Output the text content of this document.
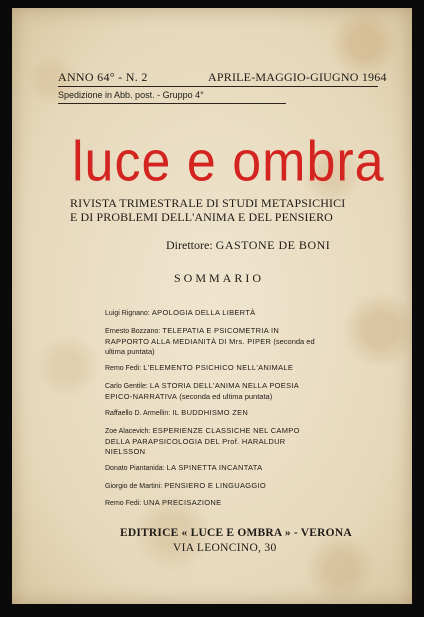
ANNO 64° - N. 2	APRILE-MAGGIO-GIUGNO 1964
Spedizione in Abb. post. - Gruppo 4°
luce e ombra
RIVISTA TRIMESTRALE DI STUDI METAPSICHICI
E DI PROBLEMI DELL'ANIMA E DEL PENSIERO
Direttore: GASTONE DE BONI
SOMMARIO
Luigi Rignano: APOLOGIA DELLA LIBERTÀ
Ernesto Bozzano: TELEPATIA E PSICOMETRIA IN RAPPORTO ALLA MEDIANITÀ DI Mrs. PIPER (seconda ed ultima puntata)
Remo Fedi: L'ELEMENTO PSICHICO NELL'ANIMALE
Carlo Gentile: LA STORIA DELL'ANIMA NELLA POESIA EPICO-NARRATIVA (seconda ed ultima puntata)
Raffaello D. Armellin: IL BUDDHISMO ZEN
Zoe Alacevich: ESPERIENZE CLASSICHE NEL CAMPO DELLA PARAPSICOLOGIA DEL Prof. HARALDUR NIELSSON
Donato Piantanida: LA SPINETTA INCANTATA
Giorgio de Martini: PENSIERO E LINGUAGGIO
Remo Fedi: UNA PRECISAZIONE
EDITRICE « LUCE E OMBRA » - VERONA
VIA LEONCINO, 30
